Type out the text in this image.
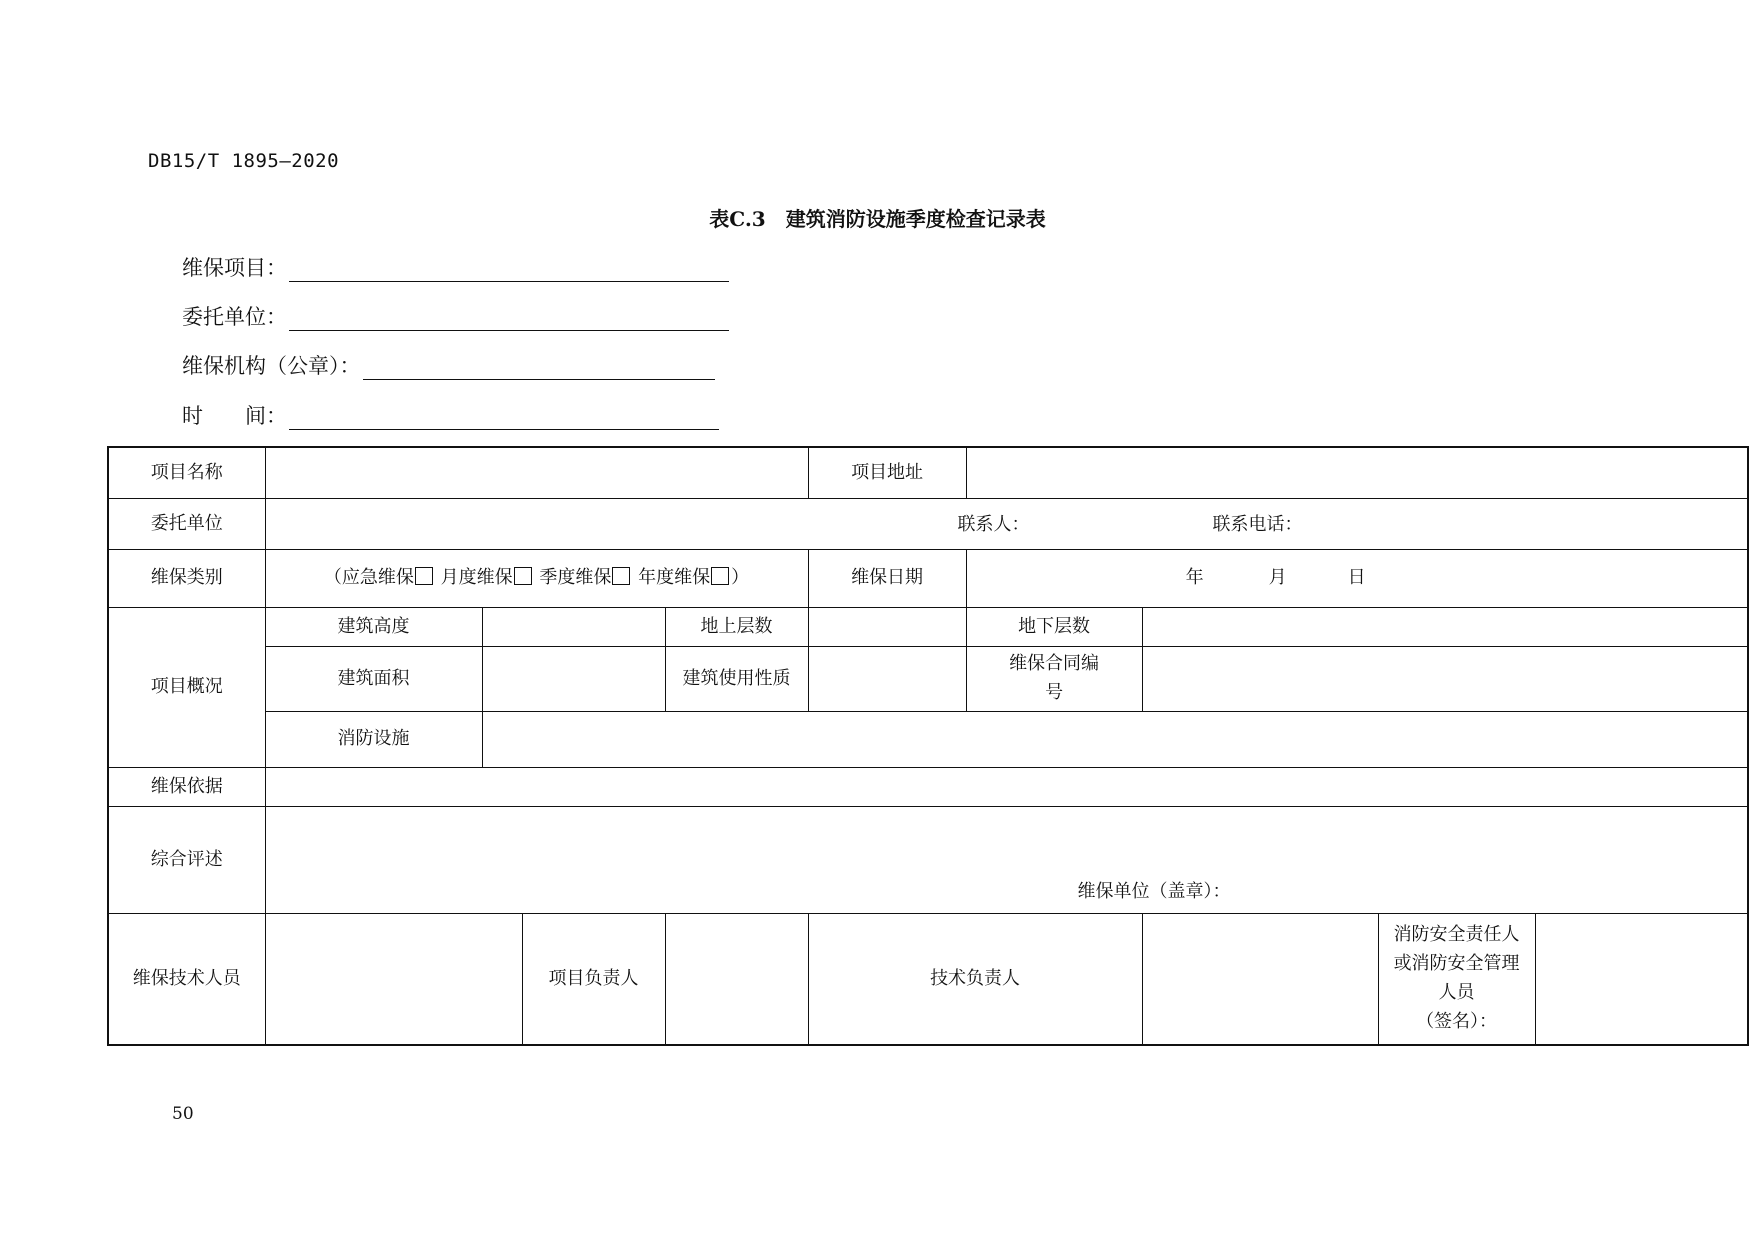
DB15/T 1895—2020
表C.3　建筑消防设施季度检查记录表
维保项目：
委托单位：
维保机构（公章）：
时　　间：
项目名称					项目地址				
委托单位	联系人： 联系电话：								

维保类别	（应急维保 月度维保 季度维保 年度维保 ）				维保日期	年 月 日			

项目概况	建筑高度			地上层数		地下层数			
	建筑面积			建筑使用性质		维保合同编
号			

	消防设施								
维保依据									
综合评述	维保单位（盖章）：								

维保技术人员			项目负责人		技术负责人			消防安全责任人
或消防安全管理
人员
（签名）：	

50
